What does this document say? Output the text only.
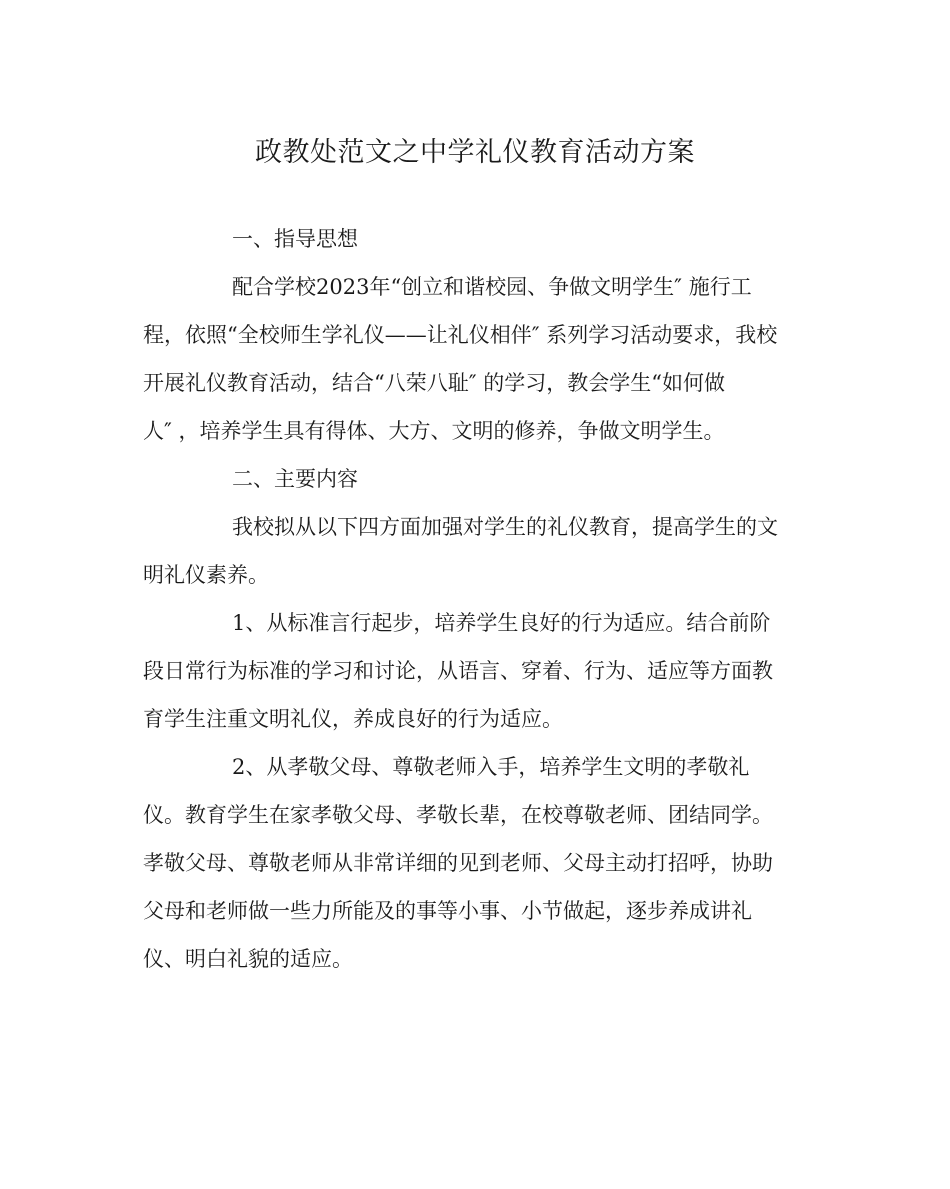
政教处范文之中学礼仪教育活动方案
一、指导思想
配合学校2023年“创立和谐校园、争做文明学生″ 施行工
程，依照“全校师生学礼仪——让礼仪相伴″ 系列学习活动要求，我校
开展礼仪教育活动，结合“八荣八耻″ 的学习，教会学生“如何做
人″ ，培养学生具有得体、大方、文明的修养，争做文明学生。
二、主要内容
我校拟从以下四方面加强对学生的礼仪教育，提高学生的文
明礼仪素养。
1、从标准言行起步，培养学生良好的行为适应。结合前阶
段日常行为标准的学习和讨论，从语言、穿着、行为、适应等方面教
育学生注重文明礼仪，养成良好的行为适应。
2、从孝敬父母、尊敬老师入手，培养学生文明的孝敬礼
仪。教育学生在家孝敬父母、孝敬长辈，在校尊敬老师、团结同学。
孝敬父母、尊敬老师从非常详细的见到老师、父母主动打招呼，协助
父母和老师做一些力所能及的事等小事、小节做起，逐步养成讲礼
仪、明白礼貌的适应。
